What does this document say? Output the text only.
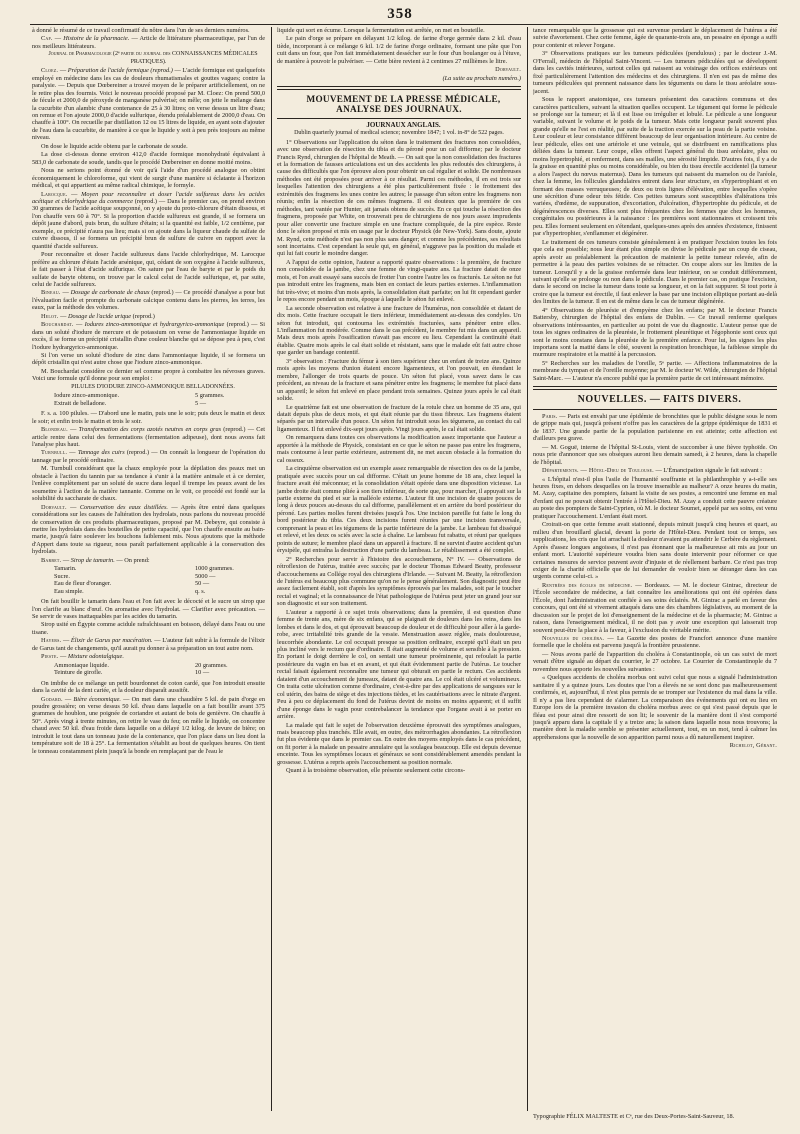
358

à donné le résumé de ce travail confirmatif du nôtre dans l'un de ses derniers numéros.

Cap. — Histoire de la pharmacie. — Article de littérature pharmaceutique, par l'un de nos meilleurs littérateurs.

Journal de Pharmacologie (2ᵉ partie du journal des CONNAISSANCES MÉDICALES PRATIQUES).

Cloez. — Préparation de l'acide formique (reprod.) — L'acide formique est quelquefois employé en médecine dans les cas de douleurs rhumatismales et gouttes vagues; contre la paralysie. — Depuis que Dœbereiner a trouvé moyen de le préparer artificiellement, on ne le retire plus des fourmis. Voici le nouveau procédé proposé par M. Cloez: On prend 500,0 de fécule et 2000,0 de péroxyde de manganèse pulvérisé; on mêle; on jette le mélange dans la cucurbite d'un alambic d'une contenance de 25 à 30 litres; on verse dessus un litre d'eau; on remue et l'on ajoute 2000,0 d'acide sulfurique, étendu préalablement de 2000,0 d'eau. On chauffe à 100°. On recueille par distillation 12 ou 15 litres de liquide, en ayant soin d'ajouter de l'eau dans la cucurbite, de manière à ce que le liquide y soit à peu près toujours au même niveau.

On dose le liquide acide obtenu par le carbonate de soude.

La dose ci-dessus donne environ 412,0 d'acide formique monohydraté équivalant à 583,0 de carbonate de soude, tandis que le procédé Dœbereiner en donne moitié moins.

Nous ne serions point étonné de voir qu'à l'aide d'un procédé analogue on obtint économiquement le chloroforme, qui vient de surgir d'une manière si éclatante à l'horizon médical, et qui appartient au même radical chimique, le formyle.

Larocque. — Moyen pour reconnaître et doser l'acide sulfureux dans les acides acétique et chlorhydrique du commerce (reprod.) — Dans le premier cas, on prend environ 30 grammes de l'acide acétique soupçonné, on y ajoute du proto-chlorure d'étain dissous, et l'on chauffe vers 60 à 70°. Si la proportion d'acide sulfureux est grande, il se formera un dépôt jaune d'abord, puis brun, du sulfure d'étain; si la quantité est faible, 1/2 centième, par exemple, ce précipité n'aura pas lieu; mais si on ajoute dans la liqueur chaude du sulfate de cuivre dissous, il se formera un précipité brun de sulfure de cuivre en rapport avec la quantité d'acide sulfureux.

Pour reconnaître et doser l'acide sulfureux dans l'acide chlorhydrique, M. Larocque préfère au chlorure d'étain l'acide arsénique, qui, cédant de son oxygène à l'acide sulfureux, le fait passer à l'état d'acide sulfurique. On sature par l'eau de baryte et par le poids du sulfate de baryte obtenu, on trouve par le calcul celui de l'acide sulfurique, et, par suite, celui de l'acide sulfureux.

Bineau. — Dosage de carbonate de chaux (reprod.) — Ce procédé d'analyse a pour but l'évaluation facile et prompte du carbonate calcique contenu dans les pierres, les terres, les eaux, par la méthode des volumes.

Helot. — Dosage de l'acide urique (reprod.)

Bouchardat. — Iodures zinco-ammonique et hydrargyrico-ammonique (reprod.) — Si dans un soluté d'iodure de mercure et de potassium on verse de l'ammoniaque liquide en excès, il se forme un précipité cristallin d'une couleur blanche qui se dépose peu à peu, c'est l'iodure hydrargyrico-ammonique.

Si l'on verse un soluté d'iodure de zinc dans l'ammoniaque liquide, il se formera un dépôt cristallin qui n'est autre chose que l'iodure zinco-ammonique.

M. Bouchardat considère ce dernier sel comme propre à combattre les névroses graves. Voici une formule qu'il donne pour son emploi :

PILULES D'IODURE ZINCO-AMMONIQUE BELLADONNÉES.

Iodure zinco-ammonique.	5 grammes.
Extrait de belladone.	5 —

F. s. a. 100 pilules. — D'abord une le matin, puis une le soir; puis deux le matin et deux le soir; et enfin trois le matin et trois le soir.

Blondeau. — Transformation des corps azotés neutres en corps gras (reprod.) — Cet article rentre dans celui des fermentations (fermentation adipeuse), dont nous avons fait l'analyse plus haut.

Turnbull. — Tannage des cuirs (reprod.) — On connaît la longueur de l'opération du tannage par le procédé ordinaire.

M. Turnbull considérant que la chaux employée pour la dépilation des peaux met un obstacle à l'action du tannin par sa tendance à s'unir à la matière animale et à ce dernier, l'enlève complètement par un soluté de sucre dans lequel il trempe les peaux avant de les soumettre à l'action de la matière tannante. Comme on le voit, ce procédé est fondé sur la solubilité du saccharate de chaux.

Dorvault. — Conservation des eaux distillées. — Après être entré dans quelques considérations sur les causes de l'altération des hydrolats, nous parlons du nouveau procédé de conservation de ces produits pharmaceutiques, proposé par M. Debeyre, qui consiste à mettre les hydrolats dans des bouteilles de petite capacité, que l'on chauffe ensuite au bain-marie, jusqu'à faire soulever les bouchons faiblement mis. Nous ajoutons que la méthode d'Appert dans toute sa rigueur, nous paraît parfaitement applicable à la conservation des hydrolats.

Barbet. — Sirop de tamarin. — On prend:

Tamarin.	1000 grammes.
Sucre.	5000 —
Eau de fleur d'oranger.	50 —
Eau simple.	q. s.

On fait bouillir le tamarin dans l'eau et l'on fait avec le décocté et le sucre un sirop que l'on clarifie au blanc d'œuf. On aromatise avec l'hydrolat. — Clarifier avec précaution. — Se servir de vases inattaquables par les acides du tamarin.

Sirop usité en Égypte comme acidule rafraîchissant en boisson, délayé dans l'eau ou une tisane.

Hayers. — Élixir de Garus par macération. — L'auteur fait subir à la formule de l'élixir de Garus tant de changements, qu'il aurait pu donner à sa préparation un tout autre nom.

Pieste. — Mixture odontalgique.

Ammoniaque liquide.	20 grammes.
Teinture de girofle.	10 —

On imbibe de ce mélange un petit bourdonnet de coton cardé, que l'on introduit ensuite dans la cavité de la dent cariée, et la douleur disparaît aussitôt.

Godard. — Bière économique. — On met dans une chaudière 5 kil. de pain d'orge en poudre grossière; on verse dessus 50 kil. d'eau dans laquelle on a fait bouillir avant 375 grammes de houblon, une poignée de coriandre et autant de bois de genièvre. On chauffe à 50°. Après vingt à trente minutes, on retire le vase du feu; on mêle le liquide, on concentre chaud avec 50 kil. d'eau froide dans laquelle on a délayé 1/2 kilog. de levure de bière; on introduit le tout dans un tonneau juste de la contenance, que l'on place dans un lieu dont la température soit de 18 à 25°. La fermentation s'établit au bout de quelques heures. On tient le tonneau constamment plein jusqu'à la bonde en remplaçant par de l'eau le

liquide qui sort en écume. Lorsque la fermentation est arrêtée, on met en bouteille.

Le pain d'orge se prépare en délayant 1/2 kilog. de farine d'orge germée dans 2 kil. d'eau tiède, incorporant à ce mélange 6 kil. 1/2 de farine d'orge ordinaire, formant une pâte que l'on cuit dans un four, que l'on fait immédiatement dessécher sur le four d'un boulanger ou à l'étuve, de manière à pouvoir le pulvériser. — Cette bière revient à 2 centimes 27 millièmes le litre.

Dorvault.

(La suite au prochain numéro.)

MOUVEMENT DE LA PRESSE MÉDICALE, ANALYSE DES JOURNAUX.

JOURNAUX ANGLAIS.

Dublin quarterly journal of medical science; novembre 1847; 1 vol. in-8° de 522 pages.

1° Observations sur l'application du séton dans le traitement des fractures non consolidées, avec une observation de résection du tibia et du péroné pour un cal difforme; par le docteur Francis Rynd, chirurgien de l'hôpital de Meath. — On sait que la non consolidation des fractures et la formation de fausses articulations est un des accidents les plus redoutés des chirurgiens, à cause des difficultés que l'on éprouve alors pour obtenir un cal régulier et solide. De nombreuses méthodes ont été proposées pour arriver à ce résultat. Parmi ces méthodes, il en est trois sur lesquelles l'attention des chirurgiens a été plus particulièrement fixée : le frottement des extrémités des fragmens les unes contre les autres; le passage d'un séton entre les fragmens non réunis; enfin la résection de ces mêmes fragmens. Il est douteux que la première de ces méthodes, tant vantée par Hunter, ait jamais obtenu de succès. En ce qui touche la résection des fragmens, proposée par White, on trouverait peu de chirurgiens de nos jours assez imprudents pour aller convertir une fracture simple en une fracture compliquée, de la pire espèce. Reste donc le séton proposé et mis en usage par le docteur Physick (de New-York). Sans doute, ajoute M. Rynd, cette méthode n'est pas non plus sans danger; et comme les précédentes, ses résultats sont incertains. C'est cependant la seule qui, en général, n'aggrave pas la position du malade et qui lui fait courir le moindre danger.

A l'appui de cette opinion, l'auteur a rapporté quatre observations : la première, de fracture non consolidée de la jambe, chez une femme de vingt-quatre ans. La fracture datait de onze mois, et l'on avait essayé sans succès de frotter l'un contre l'autre les os fracturés. Le séton ne fut pas introduit entre les fragmens, mais bien en contact de leurs parties externes. L'inflammation fut très-vive; et moins d'un mois après, la consolidation était parfaite; on lui fit cependant garder le repos encore pendant un mois, époque à laquelle le séton fut enlevé.

La seconde observation est relative à une fracture de l'humérus, non consolidée et datant de dix mois. Cette fracture occupait le tiers inférieur, immédiatement au-dessus des condyles. Un séton fut introduit, qui contourna les extrémités fracturées, sans pénétrer entre elles. L'inflammation fut modérée. Comme dans le cas précédent, le membre fut mis dans un appareil. Mais deux mois après l'ossification n'avait pas encore eu lieu. Cependant la continuité était établie. Quatre mois après le cal était solide et résistant, sans que le malade eût fait autre chose que garder un bandage contentif.

3° observation : Fracture du fémur à son tiers supérieur chez un enfant de treize ans. Quinze mois après les moyens d'union étaient encore ligamenteux, et l'on pouvait, en étendant le membre, l'allonger de trois quarts de pouce. Un séton fut placé, vous savez dans le cas précédent, au niveau de la fracture et sans pénétrer entre les fragmens; le membre fut placé dans un appareil; le séton fut enlevé en place pendant trois semaines. Quinze jours après le cal était solide.

Le quatrième fait est une observation de fracture de la rotule chez un homme de 35 ans, qui datait depuis plus de deux mois, et qui était réunie par du tissu fibreux. Les fragmens étaient séparés par un intervalle d'un pouce. Un séton fut introduit sous les tégumens, au contact du cal ligamenteux. Il fut enlevé dix-sept jours après. Vingt jours après, le cal était solide.

On remarquera dans toutes ces observations la modification assez importante que l'auteur a apportée à la méthode de Physick, consistant en ce que le séton ne passe pas entre les fragmens, mais contourne à leur partie extérieure, autrement dit, ne met aucun obstacle à la formation du cal osseux.

La cinquième observation est un exemple assez remarquable de résection des os de la jambe, pratiquée avec succès pour un cal difforme. C'était un jeune homme de 18 ans, chez lequel la fracture avait été méconnue; et la consolidation s'était opérée dans une disposition vicieuse. La jambe droite était comme pliée à son tiers inférieur, de sorte que, pour marcher, il appuyait sur la partie externe du pied et sur la malléole externe. L'auteur fit une incision de quatre pouces de long à deux pouces au-dessus du cal difforme, parallèlement et en arrière du bord postérieur du péroné. Les parties molles furent divisées jusqu'à l'os. Une incision pareille fut faite le long du bord postérieur du tibia. Ces deux incisions furent réunies par une incision transversale, comprenant la peau et les tégumens de la partie inférieure de la jambe. Le lambeau fut disséqué et relevé, et les deux os sciés avec la scie à chaîne. Le lambeau fut rabattu, et réuni par quelques points de suture; le membre placé dans un appareil à fracture. Il ne survint d'autre accident qu'un érysipèle, qui entraîna la destruction d'une partie du lambeau. Le rétablissement a été complet.

2° Recherches pour servir à l'histoire des accouchemens, N° IV. — Observations de rétroflexion de l'utérus, traitée avec succès; par le docteur Thomas Edward Beatty, professeur d'accouchemens au Collége royal des chirurgiens d'Irlande. — Suivant M. Beatty, la rétroflexion de l'utérus est beaucoup plus commune qu'on ne le pense généralement. Son diagnostic peut être assez facilement établi, soit d'après les symptômes éprouvés par les malades, soit par le toucher rectal et vaginal; et la connaissance de l'état pathologique de l'utérus peut jeter un grand jour sur son diagnostic et sur son traitement.

L'auteur a rapporté à ce sujet trois observations; dans la première, il est question d'une femme de trente ans, mère de six enfans, qui se plaignait de douleurs dans les reins, dans les lombes et dans le dos, et qui éprouvait beaucoup de douleur et de difficulté pour aller à la garde-robe, avec irritabilité très grande de la vessie. Menstruation assez réglée, mais douloureuse, leucorrhée abondante. Le col occupait presque sa position ordinaire, excepté qu'il était un peu plus incliné vers le rectum que d'ordinaire. Il était augmenté de volume et sensible à la pression. En portant le doigt derrière le col, on sentait une tumeur proéminente, qui refoulait la partie postérieure du vagin en bas et en avant, et qui était évidemment partie de l'utérus. Le toucher rectal faisait également reconnaître une tumeur qui obturait en partie le rectum. Ces accidents dataient d'un accouchement de jumeaux, datant de quatre ans. Le col était ulcéré et volumineux. On traita cette ulcération comme d'ordinaire, c'est-à-dire par des applications de sangsues sur le col utérin, des bains de siège et des injections tièdes, et les cautérisations avec le nitrate d'argent. Peu à peu ce déplacement du fond de l'utérus devint de moins en moins apparent; et il suffit d'une éponge dans le vagin pour contrebalancer la tendance que l'organe avait à se porter en arrière.

La malade qui fait le sujet de l'observation deuxième éprouvait des symptômes analogues, mais beaucoup plus tranchés. Elle avait, en outre, des métrorrhagies abondantes. La rétroflexion fut plus évidente que dans le premier cas. En outre des moyens employés dans le cas précédent, on fit porter à la malade un pessaire annulaire qui la soulagea beaucoup. Elle est depuis devenue enceinte. Tous les symptômes locaux et généraux se sont considérablement amendés pendant la grossesse. L'utérus a repris après l'accouchement sa position normale.

Quant à la troisième observation, elle présente seulement cette circons-

tance remarquable que la grossesse qui est survenue pendant le déplacement de l'utérus a été suivie d'avortement. Chez cette femme, âgée de quarante-trois ans, un pessaire en éponge a suffi pour contenir et relever l'organe.

3° Observations pratiques sur les tumeurs pédiculées (pendulous) ; par le docteur J.-M. O'Ferrall, médecin de l'hôpital Saint-Vincent. — Les tumeurs pédiculées qui se développent dans les cavités intérieures, surtout celles qui naissent au voisinage des orifices extérieurs ont fixé particulièrement l'attention des médecins et des chirurgiens. Il n'en est pas de même des tumeurs pédiculées qui prennent naissance dans les téguments ou dans le tissu aréolaire sous-jacent.

Sous le rapport anatomique, ces tumeurs présentent des caractères communs et des caractères particuliers, suivant la situation quelles occupent. Le tégument qui forme le pédicule se prolonge sur la tumeur; et là il est lisse ou irrégulier et lobulé. Le pédicule a une longueur variable, suivant le volume et le poids de la tumeur. Mais cette longueur paraît souvent plus grande qu'elle ne l'est en réalité, par suite de la traction exercée sur la peau de la partie voisine. Leur couleur et leur consistance diffèrent beaucoup de leur organisation intérieure. Au centre de leur pédicule, elles ont une artériole et une veinule, qui se distribuent en ramifications plus déliées dans la tumeur. Leur coupe, elles offrent l'aspect général du tissu aréolaire, plus ou moins hypertrophié, et renferment, dans ses mailles, une sérosité limpide. D'autres fois, il y a de la graisse en quantité plus ou moins considérable, ou bien du tissu érectile accidentel (la tumeur a alors l'aspect du nœvus maternus). Dans les tumeurs qui naissent du mamelon ou de l'aréole, chez la femme, les follicules glandulaires entrent dans leur structure, en s'hypertrophiant et en formant des masses verruqueuses; de deux ou trois lignes d'élévation, entre lesquelles s'opère une sécrétion d'une odeur très fétide. Ces petites tumeurs sont susceptibles d'altérations très variées, d'œdème, de suppuration, d'excoriation, d'ulcération, d'hypertrophie du pédicule, et de dégénérescences diverses. Elles sont plus fréquentes chez les femmes que chez les hommes, congénitales ou postérieures à la naissance : les premières sont stationnaires et croissent très peu. Elles forment seulement en s'étendant, quelques-unes après des années d'existence, finissent par s'hypertrophier, s'enflammer et dégénérer.

Le traitement de ces tumeurs consiste généralement à en pratiquer l'excision toutes les fois que cela est possible; nous leur étant plus simple on divise le pédicule par un coup de ciseau, après avoir au préalablement la précaution de maintenir la petite tumeur relevée, afin de permettre à la peau des parties voisines de se rétracter. On coupe alors sur les limites de la tumeur. Lorsqu'il y a de la graisse renfermée dans leur intérieur, on se conduit différemment, suivant qu'elle se prolonge ou non dans le pédicule. Dans le premier cas, on pratique l'excision, dans le second on incise la tumeur dans toute sa longueur, et on la fait suppurer. Si tout porte à croire que la tumeur est érectile, il faut enlever la base par une incision elliptique portant au-delà des limites de la tumeur. Il en est de même dans le cas de tumeur dégénérée.

4° Observations de pleurésie et d'empyème chez les enfans; par M. le docteur Francis Battersby, chirurgien de l'hôpital des enfans de Dublin. — Ce travail renferme quelques observations intéressantes, en particulier au point de vue du diagnostic. L'auteur pense que de tous les signes ordinaires de la pleurésie, le frottement pleurétique et l'égophonie sont ceux qui sont le moins constans dans la pleurésie de la première enfance. Pour lui, les signes les plus importans sont la matité dans le côté, souvent la respiration bronchique, la faiblesse simple du murmure respiratoire et la matité à la percussion.

5° Recherches sur les maladies de l'oreille, 5ᵉ partie. — Affections inflammatoires de la membrane du tympan et de l'oreille moyenne; par M. le docteur W. Wilde, chirurgien de l'hôpital Saint-Marc. — L'auteur n'a encore publié que la première partie de cet intéressant mémoire.

NOUVELLES. — FAITS DIVERS.

Paris. — Paris est envahi par une épidémie de bronchites que le public désigne sous le nom de grippe mais qui, jusqu'à présent n'offre pas les caractères de la grippe épidémique de 1831 et de 1837. Une grande partie de la population parisienne en est atteinte; cette affection est d'ailleurs peu grave.

— M. Goguë, interne de l'hôpital St-Louis, vient de succomber à une fièvre typhoïde. On nous prie d'annoncer que ses obsèques auront lieu demain samedi, à 2 heures, dans la chapelle de l'hôpital.

Départements. — Hôtel-Dieu de Toulouse. — L'Émancipation signale le fait suivant :

« L'hôpital n'est-il plus l'asile de l'humanité souffrante et la philanthrophie y a-t-elle ses heures fixes, en dehors desquelles on la trouve insensible au malheur? A onze heures du matin, M. Azay, capitaine des pompiers, faisant la visite de ses postes, a rencontré une femme en mal d'enfant qui ne pouvait obtenir l'entrée à l'Hôtel-Dieu. M. Azay a conduit cette pauvre créature au poste des pompiers de Saint-Cyprien, où M. le docteur Soumet, appelé par ses soins, est venu pratiquer l'accouchement. L'enfant était mort.

Croirait-on que cette femme avait stationné, depuis minuit jusqu'à cinq heures et quart, au milieu d'un brouillard glacial, devant la porte de l'Hôtel-Dieu. Pendant tout ce temps, ses supplications, les cris que lui arrachait la douleur n'avaient pu attendrir le Cerbère du règlement. Après d'assez longues angoisses, il n'est pas étonnant que la malheureuse ait mis au jour un enfant mort. L'autorité supérieure voudra bien sans doute intervenir pour réformer ce que certaines mesures de service peuvent avoir d'injuste et de réellement barbare. Ce n'est pas trop exiger de la charité officielle que de lui demander de vouloir bien se déranger dans les cas urgents comme celui-ci. »

Rentrées des écoles de médecine. — Bordeaux. — M. le docteur Gintrac, directeur de l'École secondaire de médecine, a fait connaître les améliorations qui ont été opérées dans l'École, dont l'administration est confiée à ses soins éclairés. M. Gintrac a parlé en faveur des concours, qui ont été si vivement attaqués dans une des chambres législatives, au moment de la discussion sur le projet de loi d'enseignement de la médecine et de la pharmacie; M. Gintrac a raison, dans l'enseignement médical, il ne doit pas y avoir une exception qui laisserait trop souvent peut-être la place à la faveur, à l'exclusion du véritable mérite.

Nouvelles du choléra. — La Gazette des postes de Francfort annonce d'une manière formelle que le choléra est parvenu jusqu'à la frontière prussienne.

— Nous avons parlé de l'apparition du choléra à Constantinople, où un cas suivi de mort venait d'être signalé au départ du courrier, le 27 octobre. Le Courrier de Constantinople du 7 novembre nous apporte les nouvelles suivantes :

« Quelques accidents de choléra morbus ont suivi celui que nous a signalé l'administration sanitaire il y a quinze jours. Les doutes que l'on a élevés ne se sont donc pas malheureusement confirmés, et, aujourd'hui, il n'est plus permis de se tromper sur l'existence du mal dans la ville. Il n'y a pas lieu cependant de s'alarmer. La comparaison des événements qui ont eu lieu en Europe lors de la première invasion du choléra morbus avec ce qui s'est passé depuis que le fléau est pour ainsi dire ressorti de son lit; le souvenir de la manière dont il s'est comporté jusqu'à apparu dans la capitale il y a treize ans; la saison dans laquelle nous nous trouvons; la manière dont la maladie semble se présenter actuellement, tout, en un mot, tend à calmer les appréhensions que la nouvelle de son apparition parmi nous a dû naturellement inspirer.

Richelot, Gérant.

Typographie FÉLIX MALTESTE et Cᵉ, rue des Deux-Portes-Saint-Sauveur, 18.
